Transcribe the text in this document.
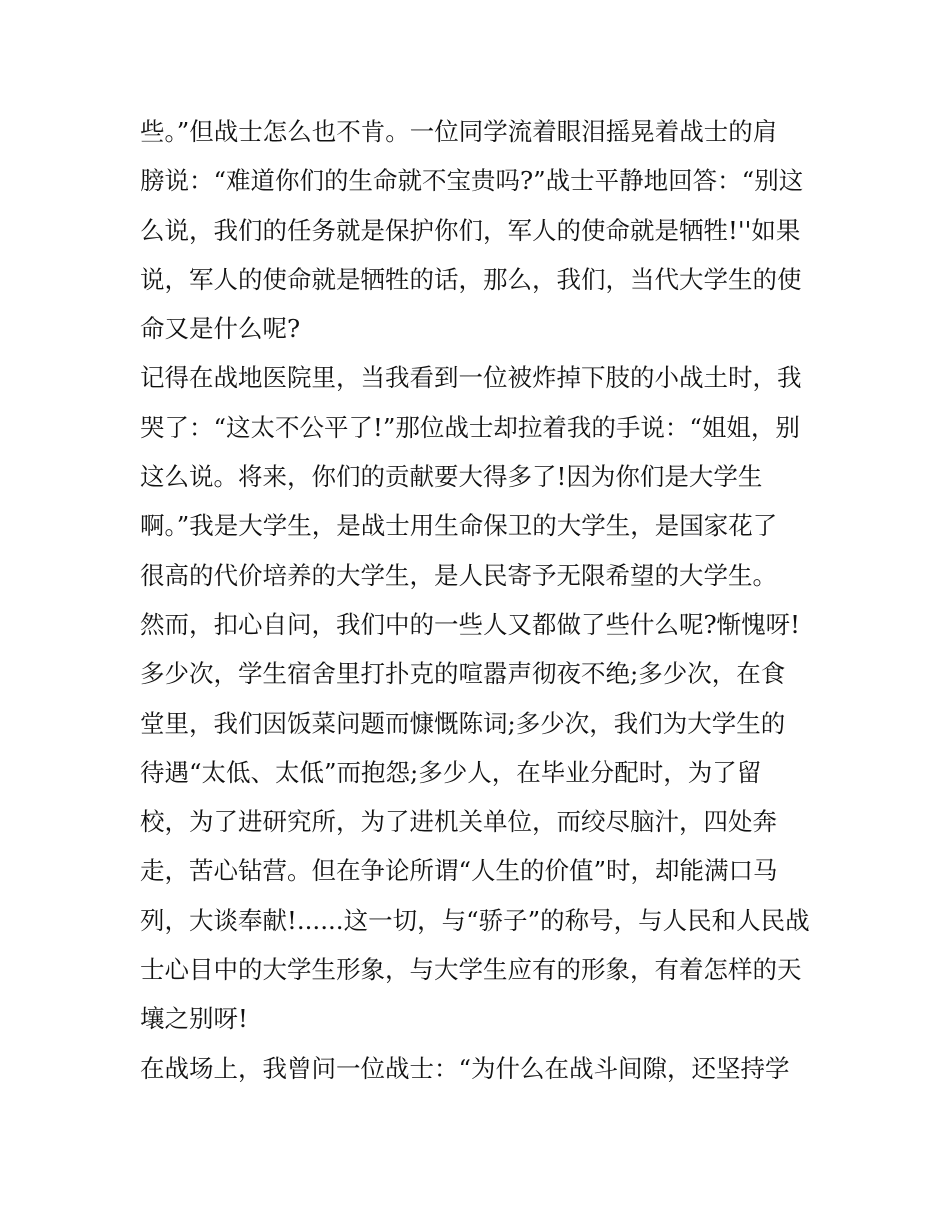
些。”但战士怎么也不肯。一位同学流着眼泪摇晃着战士的肩
膀说：“难道你们的生命就不宝贵吗?”战士平静地回答：“别这
么说，我们的任务就是保护你们，军人的使命就是牺牲!''如果
说，军人的使命就是牺牲的话，那么，我们，当代大学生的使
命又是什么呢?
记得在战地医院里，当我看到一位被炸掉下肢的小战土时，我
哭了：“这太不公平了!”那位战士却拉着我的手说：“姐姐，别
这么说。将来，你们的贡献要大得多了!因为你们是大学生
啊。”我是大学生，是战士用生命保卫的大学生，是国家花了
很高的代价培养的大学生，是人民寄予无限希望的大学生。
然而，扣心自问，我们中的一些人又都做了些什么呢?惭愧呀!
多少次，学生宿舍里打扑克的喧嚣声彻夜不绝;多少次，在食
堂里，我们因饭菜问题而慷慨陈词;多少次，我们为大学生的
待遇“太低、太低”而抱怨;多少人，在毕业分配时，为了留
校，为了进研究所，为了进机关单位，而绞尽脑汁，四处奔
走，苦心钻营。但在争论所谓“人生的价值”时，却能满口马
列，大谈奉献!......这一切，与“骄子”的称号，与人民和人民战
士心目中的大学生形象，与大学生应有的形象，有着怎样的天
壤之别呀!
在战场上，我曾问一位战士：“为什么在战斗间隙，还坚持学
